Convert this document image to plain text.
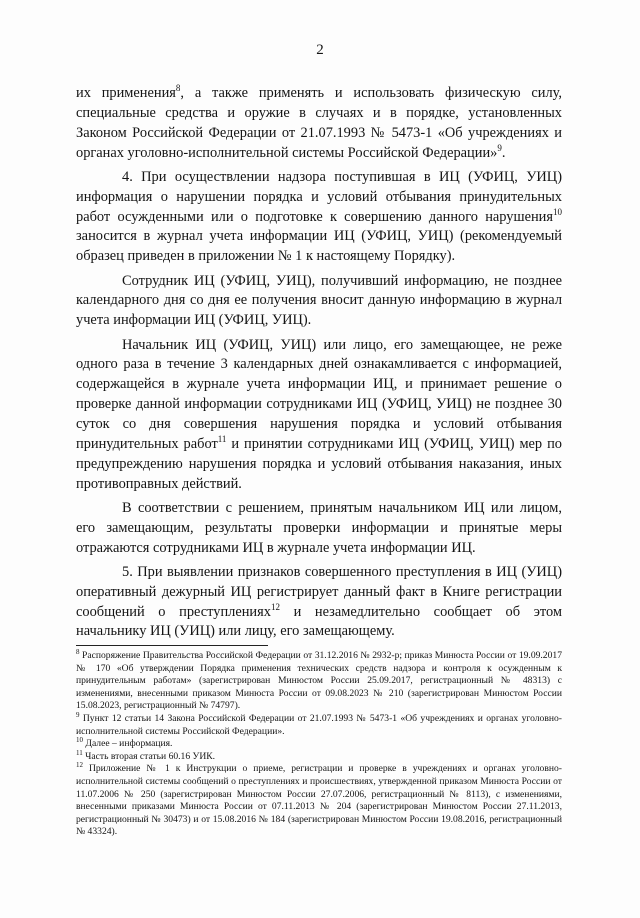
2

их применения$^8$, а также применять и использовать физическую силу, специальные средства и оружие в случаях и в порядке, установленных Законом Российской Федерации от 21.07.1993 № 5473-1 «Об учреждениях и органах уголовно-исполнительной системы Российской Федерации»$^9$.

4. При осуществлении надзора поступившая в ИЦ (УФИЦ, УИЦ) информация о нарушении порядка и условий отбывания принудительных работ осужденными или о подготовке к совершению данного нарушения$^{10}$ заносится в журнал учета информации ИЦ (УФИЦ, УИЦ) (рекомендуемый образец приведен в приложении № 1 к настоящему Порядку).

Сотрудник ИЦ (УФИЦ, УИЦ), получивший информацию, не позднее календарного дня со дня ее получения вносит данную информацию в журнал учета информации ИЦ (УФИЦ, УИЦ).

Начальник ИЦ (УФИЦ, УИЦ) или лицо, его замещающее, не реже одного раза в течение 3 календарных дней ознакамливается с информацией, содержащейся в журнале учета информации ИЦ, и принимает решение о проверке данной информации сотрудниками ИЦ (УФИЦ, УИЦ) не позднее 30 суток со дня совершения нарушения порядка и условий отбывания принудительных работ$^{11}$ и принятии сотрудниками ИЦ (УФИЦ, УИЦ) мер по предупреждению нарушения порядка и условий отбывания наказания, иных противоправных действий.

В соответствии с решением, принятым начальником ИЦ или лицом, его замещающим, результаты проверки информации и принятые меры отражаются сотрудниками ИЦ в журнале учета информации ИЦ.

5. При выявлении признаков совершенного преступления в ИЦ (УИЦ) оперативный дежурный ИЦ регистрирует данный факт в Книге регистрации сообщений о преступлениях$^{12}$ и незамедлительно сообщает об этом начальнику ИЦ (УИЦ) или лицу, его замещающему.

$^8$ Распоряжение Правительства Российской Федерации от 31.12.2016 № 2932-р; приказ Минюста России от 19.09.2017 № 170 «Об утверждении Порядка применения технических средств надзора и контроля к осужденным к принудительным работам» (зарегистрирован Минюстом России 25.09.2017, регистрационный № 48313) с изменениями, внесенными приказом Минюста России от 09.08.2023 № 210 (зарегистрирован Минюстом России 15.08.2023, регистрационный № 74797).

$^9$ Пункт 12 статьи 14 Закона Российской Федерации от 21.07.1993 № 5473-1 «Об учреждениях и органах уголовно-исполнительной системы Российской Федерации».

$^{10}$ Далее – информация.

$^{11}$ Часть вторая статьи 60.16 УИК.

$^{12}$ Приложение № 1 к Инструкции о приеме, регистрации и проверке в учреждениях и органах уголовно-исполнительной системы сообщений о преступлениях и происшествиях, утвержденной приказом Минюста России от 11.07.2006 № 250 (зарегистрирован Минюстом России 27.07.2006, регистрационный № 8113), с изменениями, внесенными приказами Минюста России от 07.11.2013 № 204 (зарегистрирован Минюстом России 27.11.2013, регистрационный № 30473) и от 15.08.2016 № 184 (зарегистрирован Минюстом России 19.08.2016, регистрационный № 43324).
